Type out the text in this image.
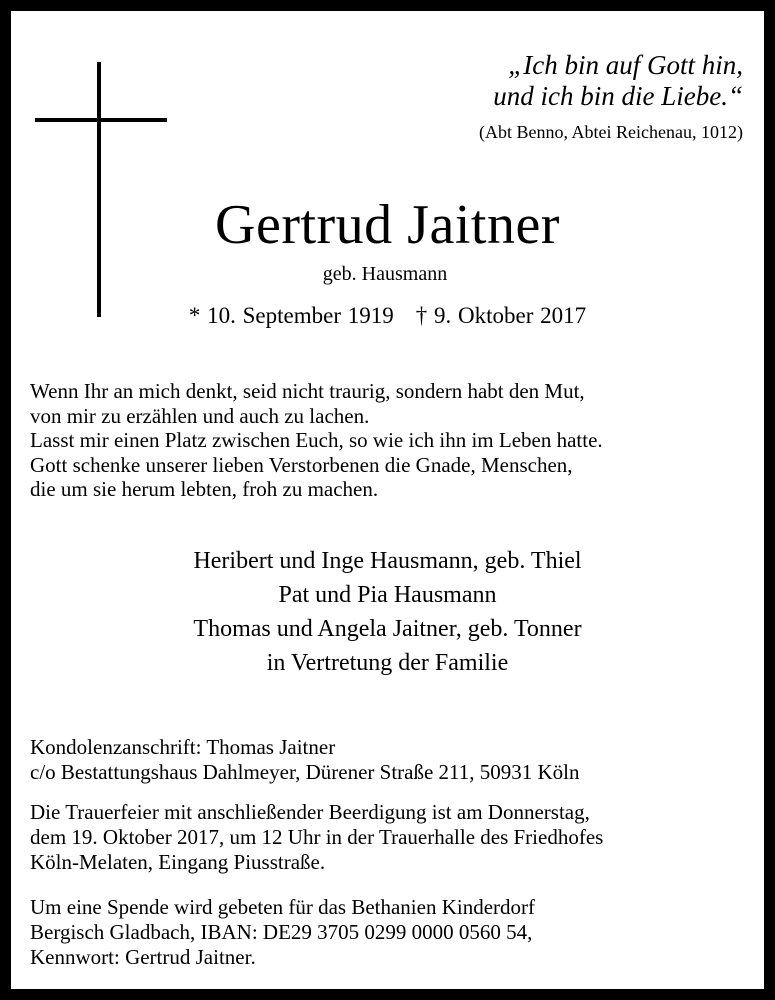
„Ich bin auf Gott hin,
und ich bin die Liebe.“
(Abt Benno, Abtei Reichenau, 1012)
Gertrud Jaitner
geb. Hausmann
* 10. September 1919 † 9. Oktober 2017
Wenn Ihr an mich denkt, seid nicht traurig, sondern habt den Mut,
von mir zu erzählen und auch zu lachen.
Lasst mir einen Platz zwischen Euch, so wie ich ihn im Leben hatte.
Gott schenke unserer lieben Verstorbenen die Gnade, Menschen,
die um sie herum lebten, froh zu machen.
Heribert und Inge Hausmann, geb. Thiel
Pat und Pia Hausmann
Thomas und Angela Jaitner, geb. Tonner
in Vertretung der Familie
Kondolenzanschrift: Thomas Jaitner
c/o Bestattungshaus Dahlmeyer, Dürener Straße 211, 50931 Köln
Die Trauerfeier mit anschließender Beerdigung ist am Donnerstag,
dem 19. Oktober 2017, um 12 Uhr in der Trauerhalle des Friedhofes
Köln-Melaten, Eingang Piusstraße.
Um eine Spende wird gebeten für das Bethanien Kinderdorf
Bergisch Gladbach, IBAN: DE29 3705 0299 0000 0560 54,
Kennwort: Gertrud Jaitner.
